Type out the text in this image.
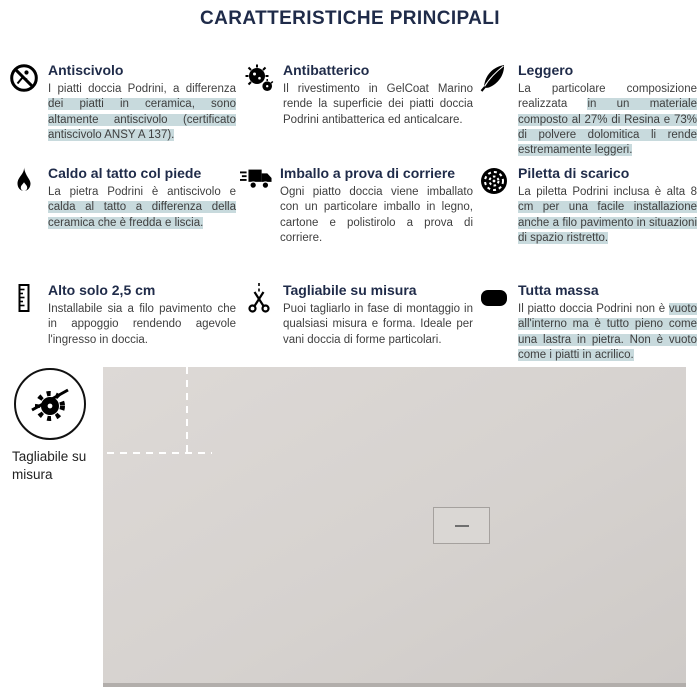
CARATTERISTICHE PRINCIPALI
Antiscivolo

I piatti doccia Podrini, a differenza dei piatti in ceramica, sono altamente antiscivolo (certificato antiscivolo ANSY A 137).

Antibatterico

Il rivestimento in GelCoat Marino rende la superficie dei piatti doccia Podrini antibatterica ed anticalcare.

Leggero

La particolare composizione realizzata in un materiale composto al 27% di Resina e 73% di polvere dolomitica li rende estremamente leggeri.

Caldo al tatto col piede

La pietra Podrini è antiscivolo e calda al tatto a differenza della ceramica che è fredda e liscia.

Imballo a prova di corriere

Ogni piatto doccia viene imballato con un particolare imballo in legno, cartone e polistirolo a prova di corriere.

Piletta di scarico

La piletta Podrini inclusa è alta 8 cm per una facile installazione anche a filo pavimento in situazioni di spazio ristretto.

Alto solo 2,5 cm

Installabile sia a filo pavimento che in appoggio rendendo agevole l'ingresso in doccia.

Tagliabile su misura

Puoi tagliarlo in fase di montaggio in qualsiasi misura e forma. Ideale per vani doccia di forme particolari.

Tutta massa

Il piatto doccia Podrini non è vuoto all'interno ma è tutto pieno come una lastra in pietra. Non è vuoto come i piatti in acrilico.

Tagliabile su misura
